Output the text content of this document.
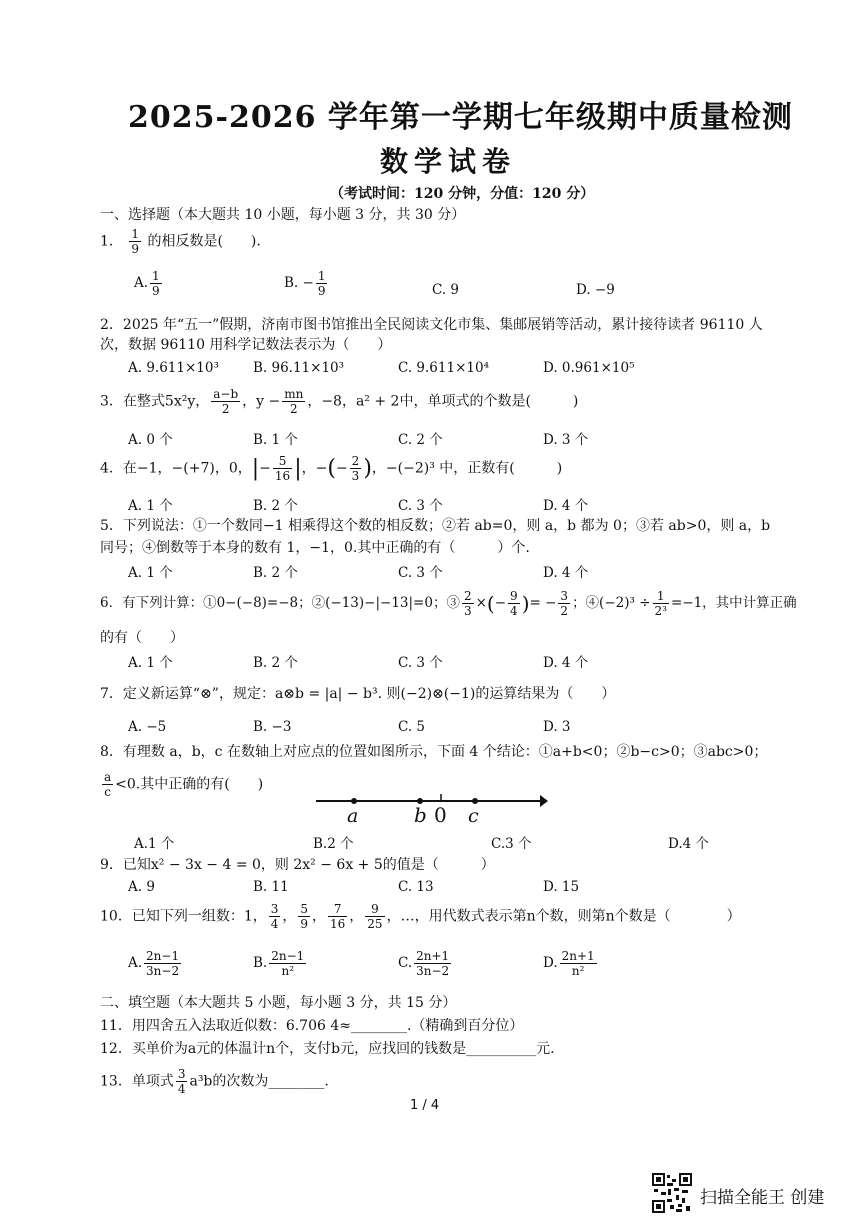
2025-2026 学年第一学期七年级期中质量检测
数学试卷
（考试时间：120 分钟，分值：120 分）
一、选择题（本大题共 10 小题，每小题 3 分，共 30 分）
1． $\frac{1}{9}$ 的相反数是(　　).
A. $\frac{1}{9}$	B. − $\frac{1}{9}$	C. 9	D. −9
2．2025 年“五一”假期，济南市图书馆推出全民阅读文化市集、集邮展销等活动，累计接待读者 96110 人
次，数据 96110 用科学记数法表示为（　　）
A. 9.611×10³	B. 96.11×10³	C. 9.611×10⁴	D. 0.961×10⁵
3．在整式5x²y， $\frac{a-b}{2}$ ，$y - \frac{mn}{2}$ ，−8，a² + 2中，单项式的个数是(　　　)
A. 0 个	B. 1 个	C. 2 个	D. 3 个
4．在−1，−(+7)，0，|− $\frac{5}{16}$ |，−(− $\frac{2}{3}$ )，−(−2)³ 中，正数有(　　　)
A. 1 个	B. 2 个	C. 3 个	D. 4 个
5．下列说法：①一个数同−1 相乘得这个数的相反数；②若 ab=0，则 a，b 都为 0；③若 ab>0，则 a，b
同号；④倒数等于本身的数有 1，−1，0.其中正确的有（　　　）个.
A. 1 个	B. 2 个	C. 3 个	D. 4 个
6．有下列计算：①0−(−8)=−8；②(−13)−|−13|=0；③ $\frac{2}{3}$ ×(− $\frac{9}{4}$ )= − $\frac{3}{2}$ ；④(−2)³ ÷ $\frac{1}{\text{2³}} =-1$，其中计算正确
的有（　　）
A. 1 个	B. 2 个	C. 3 个	D. 4 个
7．定义新运算“⊗”，规定：a⊗b = |a| − b³. 则(−2)⊗(−1)的运算结果为（　　）
A. −5	B. −3	C. 5	D. 3
8．有理数 a，b，c 在数轴上对应点的位置如图所示，下面 4 个结论：①a+b<0；②b−c>0；③abc>0；
$\frac{a}{c} <0$.其中正确的有(　　)
a	b 0 c
A.1 个	B.2 个	C.3 个	D.4 个
9．已知x² − 3x − 4 = 0，则 2x² − 6x + 5的值是（　　　）
A. 9	B. 11	C. 13	D. 15
10．已知下列一组数：1， $\frac{3}{4}$ ， $\frac{5}{9}$ ， $\frac{7}{16}$ ， $\frac{9}{25}$ ，…，用代数式表示第n个数，则第n个数是（　　　　）
A. $\frac{2n-1}{3n-2}$	B. $\frac{2n-1}{\text{n²}}$	C. $\frac{2n+1}{3n-2}$	D. $\frac{2n+1}{\text{n²}}$
二、填空题（本大题共 5 小题，每小题 3 分，共 15 分）
11．用四舍五入法取近似数：6.706 4≈________.（精确到百分位）
12．买单价为a元的体温计n个，支付b元，应找回的钱数是__________元.
13．单项式 $\frac{3}{4} a^3b$的次数为________.
1 / 4
扫描全能王 创建
